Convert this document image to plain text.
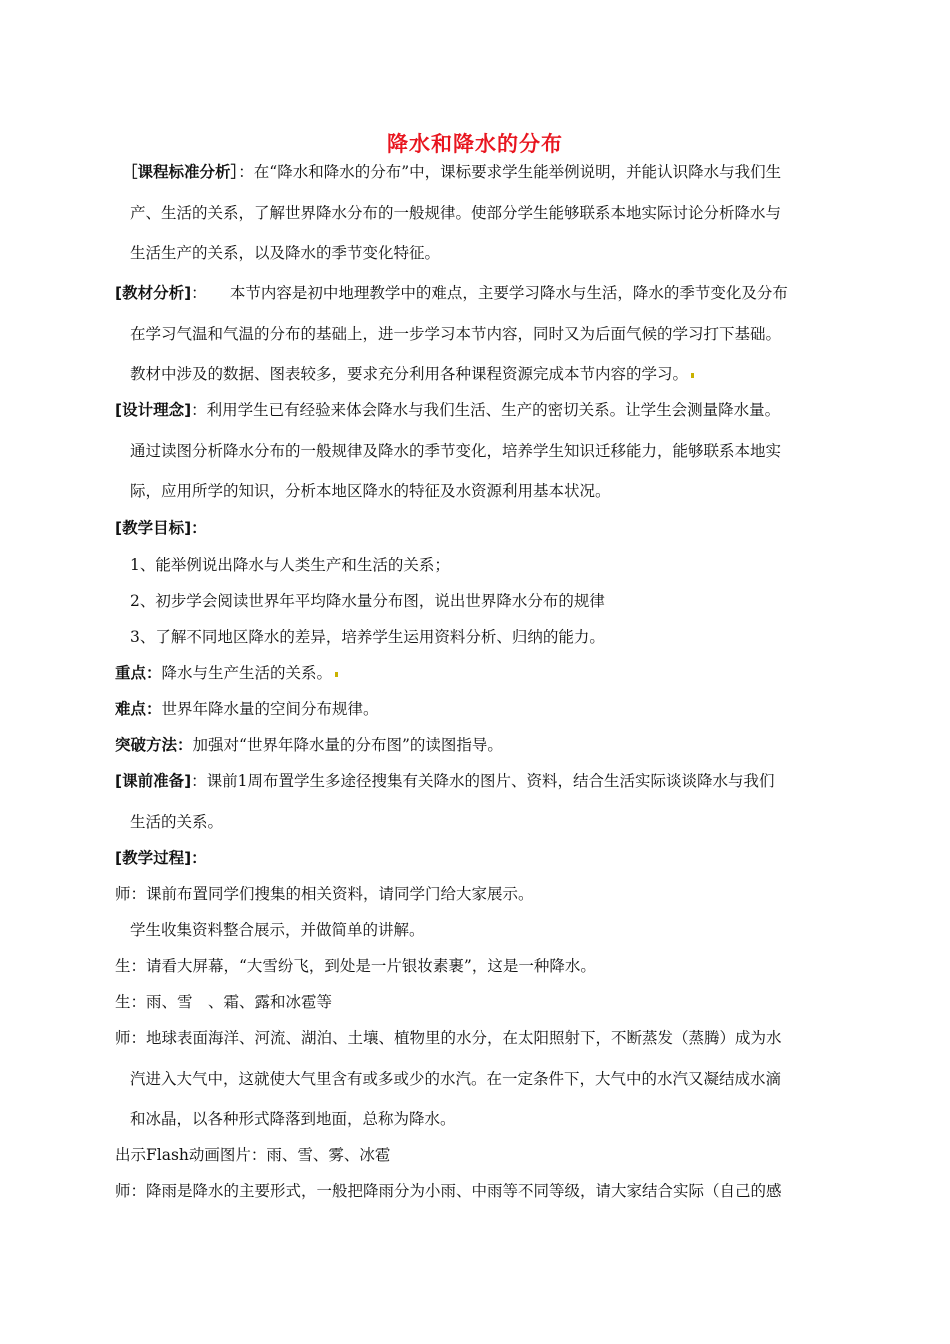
降水和降水的分布
［课程标准分析］：在“降水和降水的分布”中，课标要求学生能举例说明，并能认识降水与我们生
产、生活的关系，了解世界降水分布的一般规律。使部分学生能够联系本地实际讨论分析降水与
生活生产的关系，以及降水的季节变化特征。
[教材分析]：　　本节内容是初中地理教学中的难点，主要学习降水与生活，降水的季节变化及分布
在学习气温和气温的分布的基础上，进一步学习本节内容，同时又为后面气候的学习打下基础。
教材中涉及的数据、图表较多，要求充分利用各种课程资源完成本节内容的学习。
[设计理念]：利用学生已有经验来体会降水与我们生活、生产的密切关系。让学生会测量降水量。
通过读图分析降水分布的一般规律及降水的季节变化，培养学生知识迁移能力，能够联系本地实
际，应用所学的知识，分析本地区降水的特征及水资源利用基本状况。
[教学目标]：
1、能举例说出降水与人类生产和生活的关系；
2、初步学会阅读世界年平均降水量分布图，说出世界降水分布的规律
3、了解不同地区降水的差异，培养学生运用资料分析、归纳的能力。
重点：降水与生产生活的关系。
难点：世界年降水量的空间分布规律。
突破方法：加强对“世界年降水量的分布图”的读图指导。
[课前准备]：课前1周布置学生多途径搜集有关降水的图片、资料，结合生活实际谈谈降水与我们
生活的关系。
[教学过程]：
师：课前布置同学们搜集的相关资料，请同学门给大家展示。
学生收集资料整合展示，并做简单的讲解。
生：请看大屏幕，“大雪纷飞，到处是一片银妆素裹”，这是一种降水。
生：雨、雪　、霜、露和冰雹等
师：地球表面海洋、河流、湖泊、土壤、植物里的水分，在太阳照射下，不断蒸发（蒸腾）成为水
汽进入大气中，这就使大气里含有或多或少的水汽。在一定条件下，大气中的水汽又凝结成水滴
和冰晶，以各种形式降落到地面，总称为降水。
出示Flash动画图片：雨、雪、雾、冰雹
师：降雨是降水的主要形式，一般把降雨分为小雨、中雨等不同等级，请大家结合实际（自己的感
